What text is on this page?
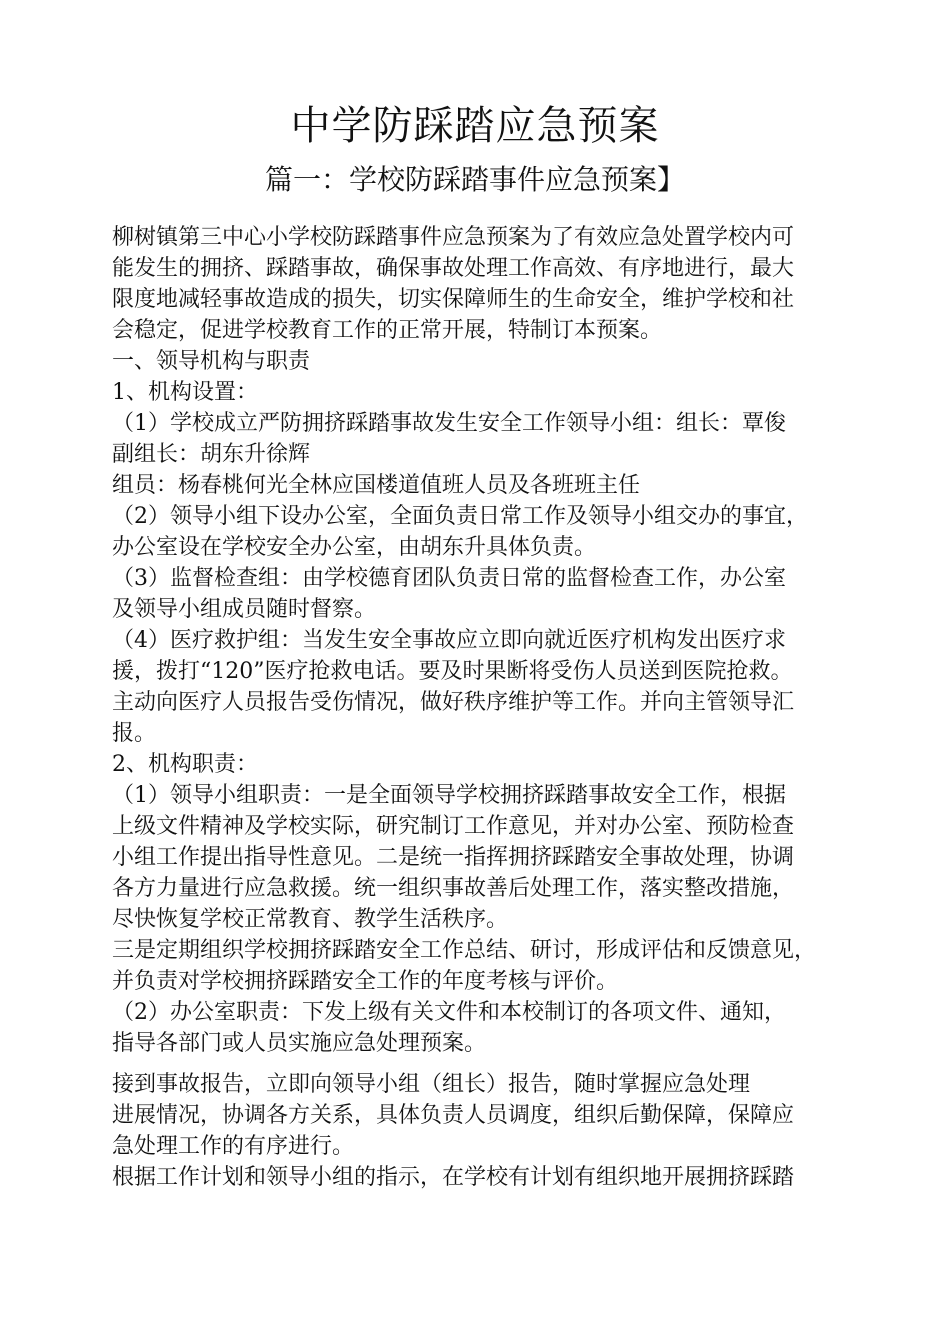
中学防踩踏应急预案
篇一：学校防踩踏事件应急预案】

柳树镇第三中心小学校防踩踏事件应急预案为了有效应急处置学校内可

能发生的拥挤、踩踏事故，确保事故处理工作高效、有序地进行，最大

限度地减轻事故造成的损失，切实保障师生的生命安全，维护学校和社

会稳定，促进学校教育工作的正常开展，特制订本预案。

一、领导机构与职责

1、机构设置：

（1）学校成立严防拥挤踩踏事故发生安全工作领导小组：组长：覃俊

副组长：胡东升徐辉

组员：杨春桃何光全林应国楼道值班人员及各班班主任

（2）领导小组下设办公室，全面负责日常工作及领导小组交办的事宜，

办公室设在学校安全办公室，由胡东升具体负责。

（3）监督检查组：由学校德育团队负责日常的监督检查工作，办公室

及领导小组成员随时督察。

（4）医疗救护组：当发生安全事故应立即向就近医疗机构发出医疗求

援，拨打“120”医疗抢救电话。要及时果断将受伤人员送到医院抢救。

主动向医疗人员报告受伤情况，做好秩序维护等工作。并向主管领导汇

报。

2、机构职责：

（1）领导小组职责：一是全面领导学校拥挤踩踏事故安全工作，根据

上级文件精神及学校实际，研究制订工作意见，并对办公室、预防检查

小组工作提出指导性意见。二是统一指挥拥挤踩踏安全事故处理，协调

各方力量进行应急救援。统一组织事故善后处理工作，落实整改措施，

尽快恢复学校正常教育、教学生活秩序。

三是定期组织学校拥挤踩踏安全工作总结、研讨，形成评估和反馈意见，

并负责对学校拥挤踩踏安全工作的年度考核与评价。

（2）办公室职责：下发上级有关文件和本校制订的各项文件、通知，

指导各部门或人员实施应急处理预案。

接到事故报告，立即向领导小组（组长）报告，随时掌握应急处理

进展情况，协调各方关系，具体负责人员调度，组织后勤保障，保障应

急处理工作的有序进行。

根据工作计划和领导小组的指示，在学校有计划有组织地开展拥挤踩踏
